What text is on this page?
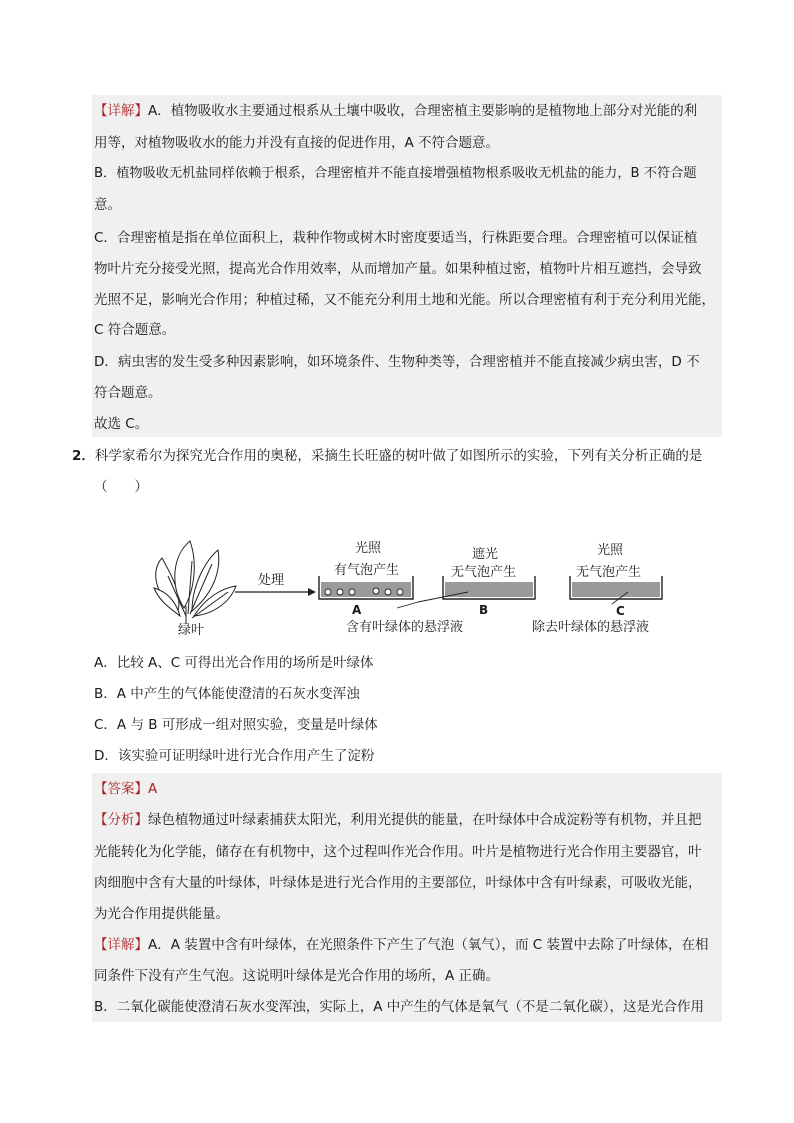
【详解】A．植物吸收水主要通过根系从土壤中吸收，合理密植主要影响的是植物地上部分对光能的利
用等，对植物吸收水的能力并没有直接的促进作用，A 不符合题意。
B．植物吸收无机盐同样依赖于根系，合理密植并不能直接增强植物根系吸收无机盐的能力，B 不符合题
意。
C．合理密植是指在单位面积上，栽种作物或树木时密度要适当，行株距要合理。合理密植可以保证植
物叶片充分接受光照，提高光合作用效率，从而增加产量。如果种植过密，植物叶片相互遮挡，会导致
光照不足，影响光合作用；种植过稀，又不能充分利用土地和光能。所以合理密植有利于充分利用光能，
C 符合题意。
D．病虫害的发生受多种因素影响，如环境条件、生物种类等，合理密植并不能直接减少病虫害，D 不
符合题意。
故选 C。
2．科学家希尔为探究光合作用的奥秘，采摘生长旺盛的树叶做了如图所示的实验，下列有关分析正确的是
（　　）
绿叶
处理
光照
有气泡产生
A
遮光
无气泡产生
B
含有叶绿体的悬浮液
光照
无气泡产生
C
除去叶绿体的悬浮液
A．比较 A、C 可得出光合作用的场所是叶绿体
B．A 中产生的气体能使澄清的石灰水变浑浊
C．A 与 B 可形成一组对照实验，变量是叶绿体
D．该实验可证明绿叶进行光合作用产生了淀粉
【答案】A
【分析】绿色植物通过叶绿素捕获太阳光，利用光提供的能量，在叶绿体中合成淀粉等有机物，并且把
光能转化为化学能，储存在有机物中，这个过程叫作光合作用。叶片是植物进行光合作用主要器官，叶
肉细胞中含有大量的叶绿体，叶绿体是进行光合作用的主要部位，叶绿体中含有叶绿素，可吸收光能，
为光合作用提供能量。
【详解】A．A 装置中含有叶绿体，在光照条件下产生了气泡（氧气），而 C 装置中去除了叶绿体，在相
同条件下没有产生气泡。这说明叶绿体是光合作用的场所，A 正确。
B．二氧化碳能使澄清石灰水变浑浊，实际上，A 中产生的气体是氧气（不是二氧化碳），这是光合作用
